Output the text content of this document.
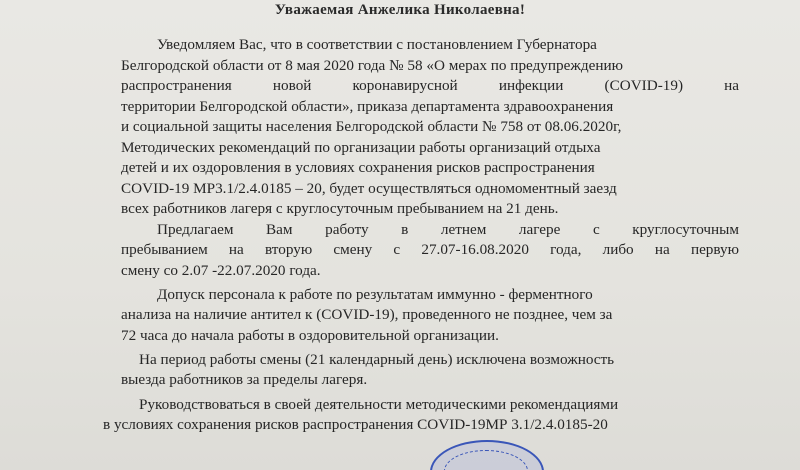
Уважаемая Анжелика Николаевна!
Уведомляем Вас, что в соответствии с постановлением Губернатора
Белгородской области от 8 мая 2020 года № 58 «О мерах по предупреждению
распространения новой коронавирусной инфекции (COVID-19) на
территории Белгородской области», приказа департамента здравоохранения
и социальной защиты населения Белгородской области № 758 от 08.06.2020г,
Методических рекомендаций по организации работы организаций отдыха
детей и их оздоровления в условиях сохранения рисков распространения
COVID-19 МР3.1/2.4.0185 – 20, будет осуществляться одномоментный заезд
всех работников лагеря с круглосуточным пребыванием на 21 день.
Предлагаем Вам работу в летнем лагере с круглосуточным
пребыванием на вторую смену с 27.07-16.08.2020 года, либо на первую
смену со 2.07 -22.07.2020 года.
Допуск персонала к работе по результатам иммунно - ферментного
анализа на наличие антител к (COVID-19), проведенного не позднее, чем за
72 часа до начала работы в оздоровительной организации.
На период работы смены (21 календарный день) исключена возможность
выезда работников за пределы лагеря.
Руководствоваться в своей деятельности методическими рекомендациями
в условиях сохранения рисков распространения COVID-19МР 3.1/2.4.0185-20
